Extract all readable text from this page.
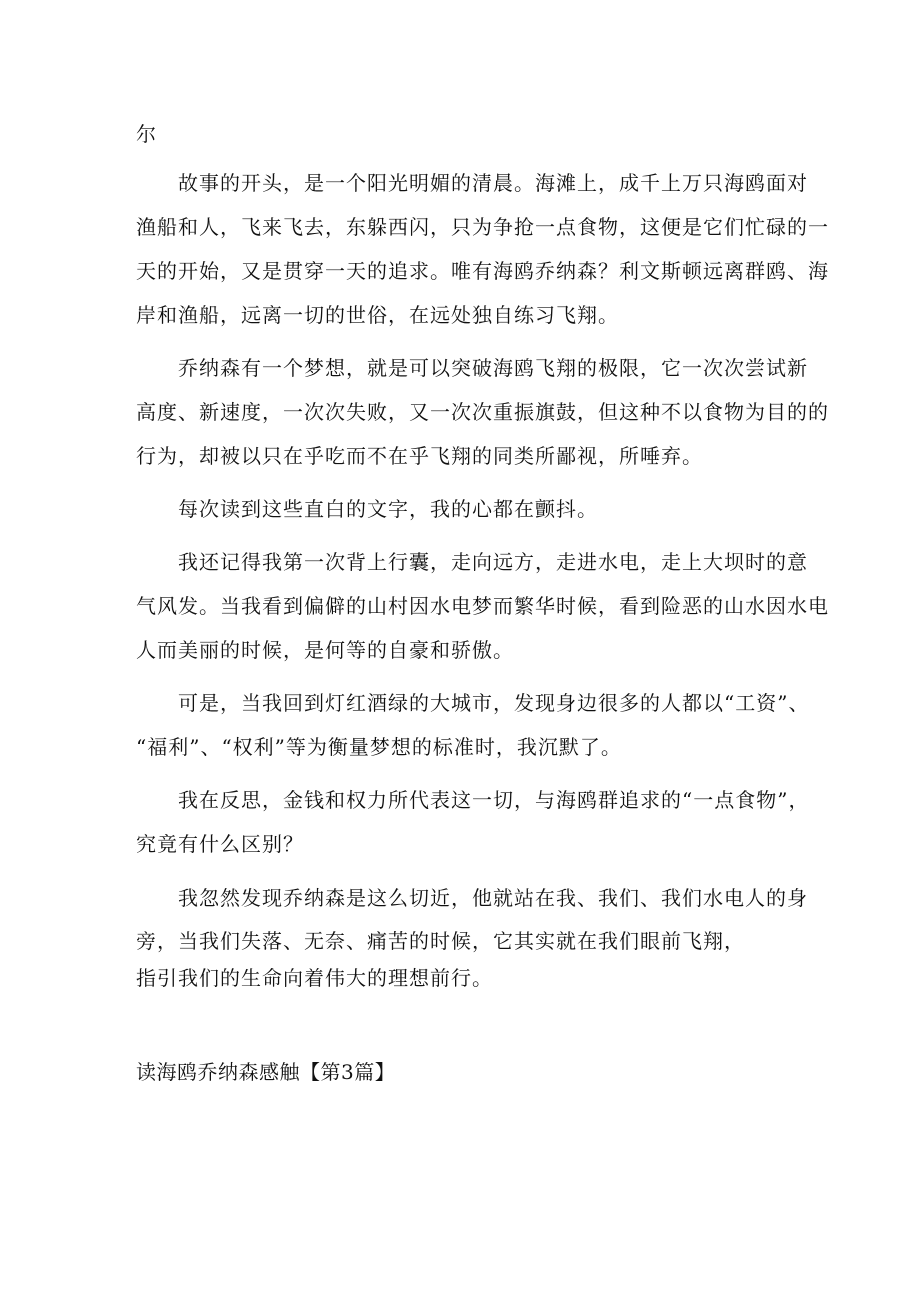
尔
故事的开头，是一个阳光明媚的清晨。海滩上，成千上万只海鸥面对
渔船和人，飞来飞去，东躲西闪，只为争抢一点食物，这便是它们忙碌的一
天的开始，又是贯穿一天的追求。唯有海鸥乔纳森？利文斯顿远离群鸥、海
岸和渔船，远离一切的世俗，在远处独自练习飞翔。
乔纳森有一个梦想，就是可以突破海鸥飞翔的极限，它一次次尝试新
高度、新速度，一次次失败，又一次次重振旗鼓，但这种不以食物为目的的
行为，却被以只在乎吃而不在乎飞翔的同类所鄙视，所唾弃。
每次读到这些直白的文字，我的心都在颤抖。
我还记得我第一次背上行囊，走向远方，走进水电，走上大坝时的意
气风发。当我看到偏僻的山村因水电梦而繁华时候，看到险恶的山水因水电
人而美丽的时候，是何等的自豪和骄傲。
可是，当我回到灯红酒绿的大城市，发现身边很多的人都以“工资”、
“福利”、“权利”等为衡量梦想的标准时，我沉默了。
我在反思，金钱和权力所代表这一切，与海鸥群追求的“一点食物”，
究竟有什么区别？
我忽然发现乔纳森是这么切近，他就站在我、我们、我们水电人的身
旁，当我们失落、无奈、痛苦的时候，它其实就在我们眼前飞翔，
指引我们的生命向着伟大的理想前行。
读海鸥乔纳森感触【第3篇】
